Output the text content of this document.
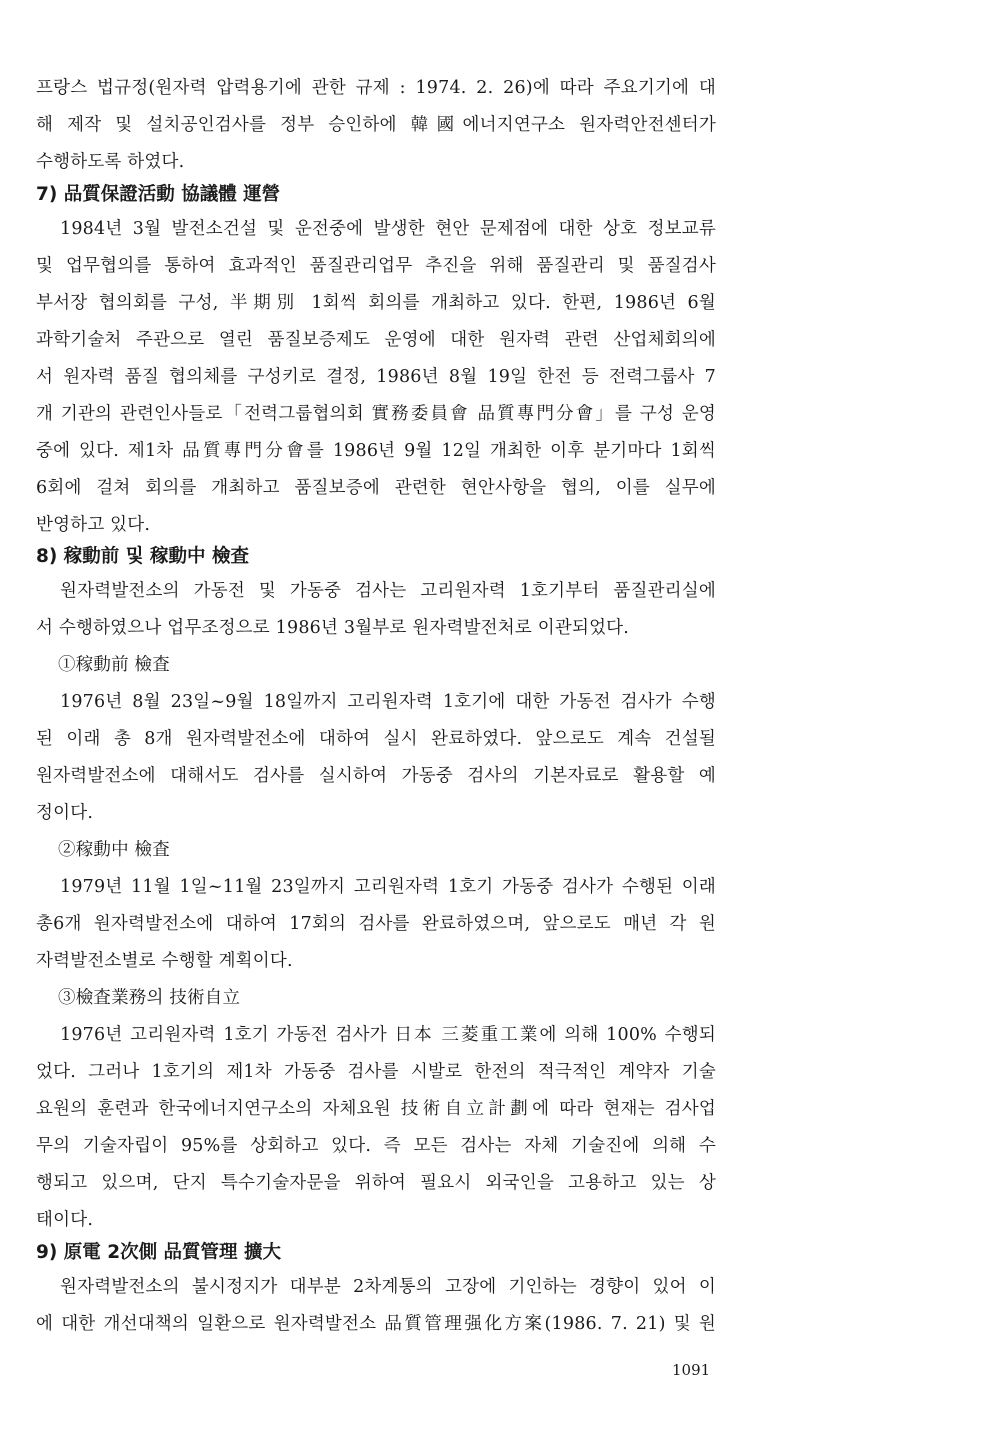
프랑스 법규정(원자력 압력용기에 관한 규제 : 1974. 2. 26)에 따라 주요기기에 대
해 제작 및 설치공인검사를 정부 승인하에 韓國에너지연구소 원자력안전센터가
수행하도록 하였다.
7) 品質保證活動 協議體 運營
1984년 3월 발전소건설 및 운전중에 발생한 현안 문제점에 대한 상호 정보교류
및 업무협의를 통하여 효과적인 품질관리업무 추진을 위해 품질관리 및 품질검사
부서장 협의회를 구성, 半期別 1회씩 회의를 개최하고 있다. 한편, 1986년 6월
과학기술처 주관으로 열린 품질보증제도 운영에 대한 원자력 관련 산업체회의에
서 원자력 품질 협의체를 구성키로 결정, 1986년 8월 19일 한전 등 전력그룹사 7
개 기관의 관련인사들로「전력그룹협의회 實務委員會 品質專門分會」를 구성 운영
중에 있다. 제1차 品質專門分會를 1986년 9월 12일 개최한 이후 분기마다 1회씩
6회에 걸쳐 회의를 개최하고 품질보증에 관련한 현안사항을 협의, 이를 실무에
반영하고 있다.
8) 稼動前 및 稼動中 檢査
원자력발전소의 가동전 및 가동중 검사는 고리원자력 1호기부터 품질관리실에
서 수행하였으나 업무조정으로 1986년 3월부로 원자력발전처로 이관되었다.
①稼動前 檢査
1976년 8월 23일~9월 18일까지 고리원자력 1호기에 대한 가동전 검사가 수행
된 이래 총 8개 원자력발전소에 대하여 실시 완료하였다. 앞으로도 계속 건설될
원자력발전소에 대해서도 검사를 실시하여 가동중 검사의 기본자료로 활용할 예
정이다.
②稼動中 檢査
1979년 11월 1일~11월 23일까지 고리원자력 1호기 가동중 검사가 수행된 이래
총6개 원자력발전소에 대하여 17회의 검사를 완료하였으며, 앞으로도 매년 각 원
자력발전소별로 수행할 계획이다.
③檢査業務의 技術自立
1976년 고리원자력 1호기 가동전 검사가 日本 三菱重工業에 의해 100% 수행되
었다. 그러나 1호기의 제1차 가동중 검사를 시발로 한전의 적극적인 계약자 기술
요원의 훈련과 한국에너지연구소의 자체요원 技術自立計劃에 따라 현재는 검사업
무의 기술자립이 95%를 상회하고 있다. 즉 모든 검사는 자체 기술진에 의해 수
행되고 있으며, 단지 특수기술자문을 위하여 필요시 외국인을 고용하고 있는 상
태이다.
9) 原電 2次側 品質管理 擴大
원자력발전소의 불시정지가 대부분 2차계통의 고장에 기인하는 경향이 있어 이
에 대한 개선대책의 일환으로 원자력발전소 品質管理强化方案(1986. 7. 21) 및 원
1091
